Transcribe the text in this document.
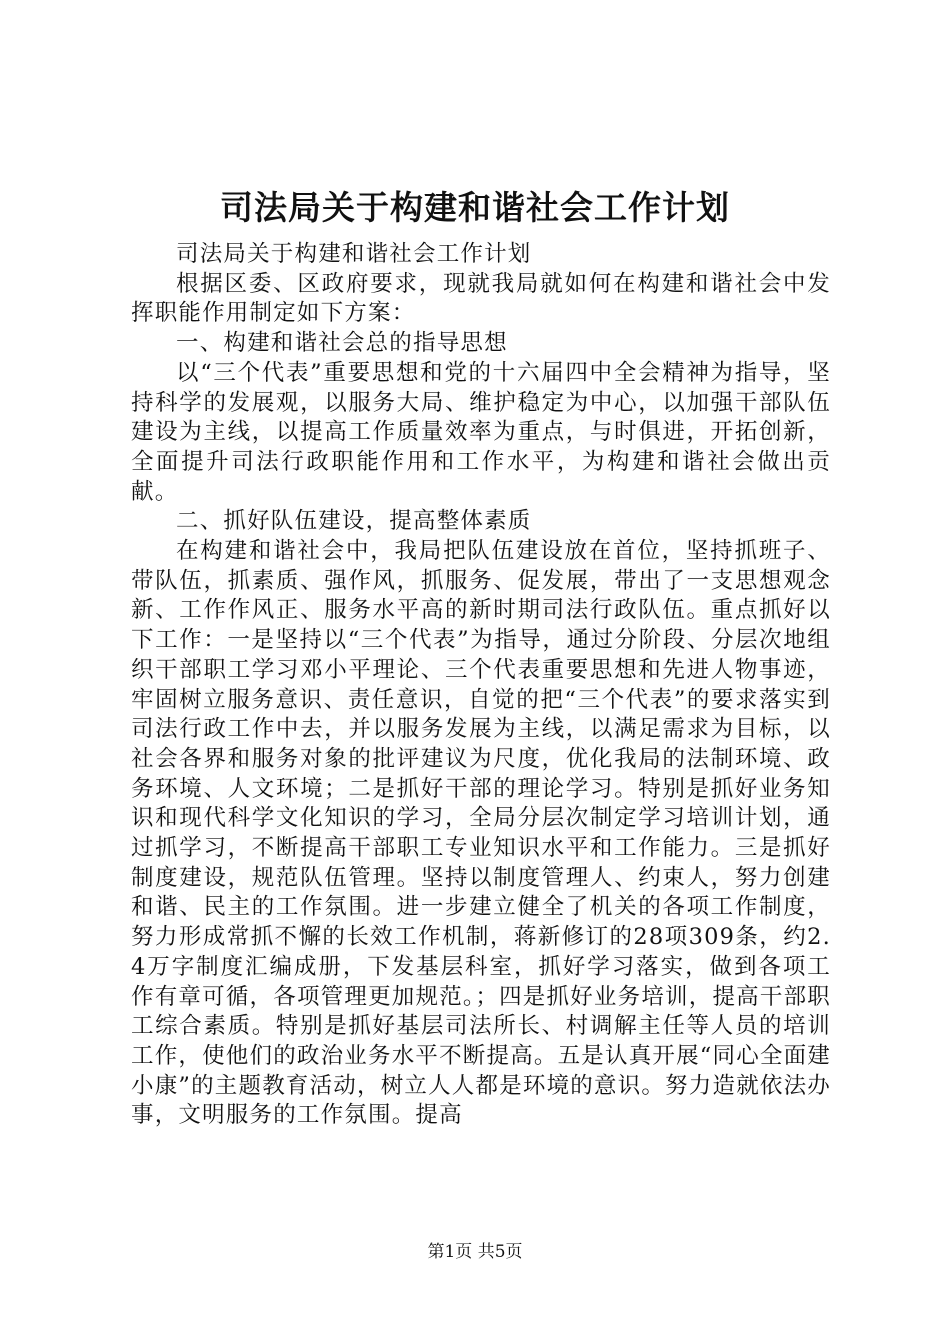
司法局关于构建和谐社会工作计划

司法局关于构建和谐社会工作计划

根据区委、区政府要求，现就我局就如何在构建和谐社会中发挥职能作用制定如下方案：

一、构建和谐社会总的指导思想

以“三个代表”重要思想和党的十六届四中全会精神为指导，坚持科学的发展观，以服务大局、维护稳定为中心，以加强干部队伍建设为主线，以提高工作质量效率为重点，与时俱进，开拓创新，全面提升司法行政职能作用和工作水平，为构建和谐社会做出贡献。

二、抓好队伍建设，提高整体素质

在构建和谐社会中，我局把队伍建设放在首位，坚持抓班子、带队伍，抓素质、强作风，抓服务、促发展，带出了一支思想观念新、工作作风正、服务水平高的新时期司法行政队伍。重点抓好以下工作：一是坚持以“三个代表”为指导，通过分阶段、分层次地组织干部职工学习邓小平理论、三个代表重要思想和先进人物事迹，牢固树立服务意识、责任意识，自觉的把“三个代表”的要求落实到司法行政工作中去，并以服务发展为主线，以满足需求为目标，以社会各界和服务对象的批评建议为尺度，优化我局的法制环境、政务环境、人文环境；二是抓好干部的理论学习。特别是抓好业务知识和现代科学文化知识的学习，全局分层次制定学习培训计划，通过抓学习，不断提高干部职工专业知识水平和工作能力。三是抓好制度建设，规范队伍管理。坚持以制度管理人、约束人，努力创建和谐、民主的工作氛围。进一步建立健全了机关的各项工作制度，努力形成常抓不懈的长效工作机制，蒋新修订的28项309条，约2.4万字制度汇编成册，下发基层科室，抓好学习落实，做到各项工作有章可循，各项管理更加规范。；四是抓好业务培训，提高干部职工综合素质。特别是抓好基层司法所长、村调解主任等人员的培训工作，使他们的政治业务水平不断提高。五是认真开展“同心全面建小康”的主题教育活动，树立人人都是环境的意识。努力造就依法办事，文明服务的工作氛围。提高

第1页 共5页
